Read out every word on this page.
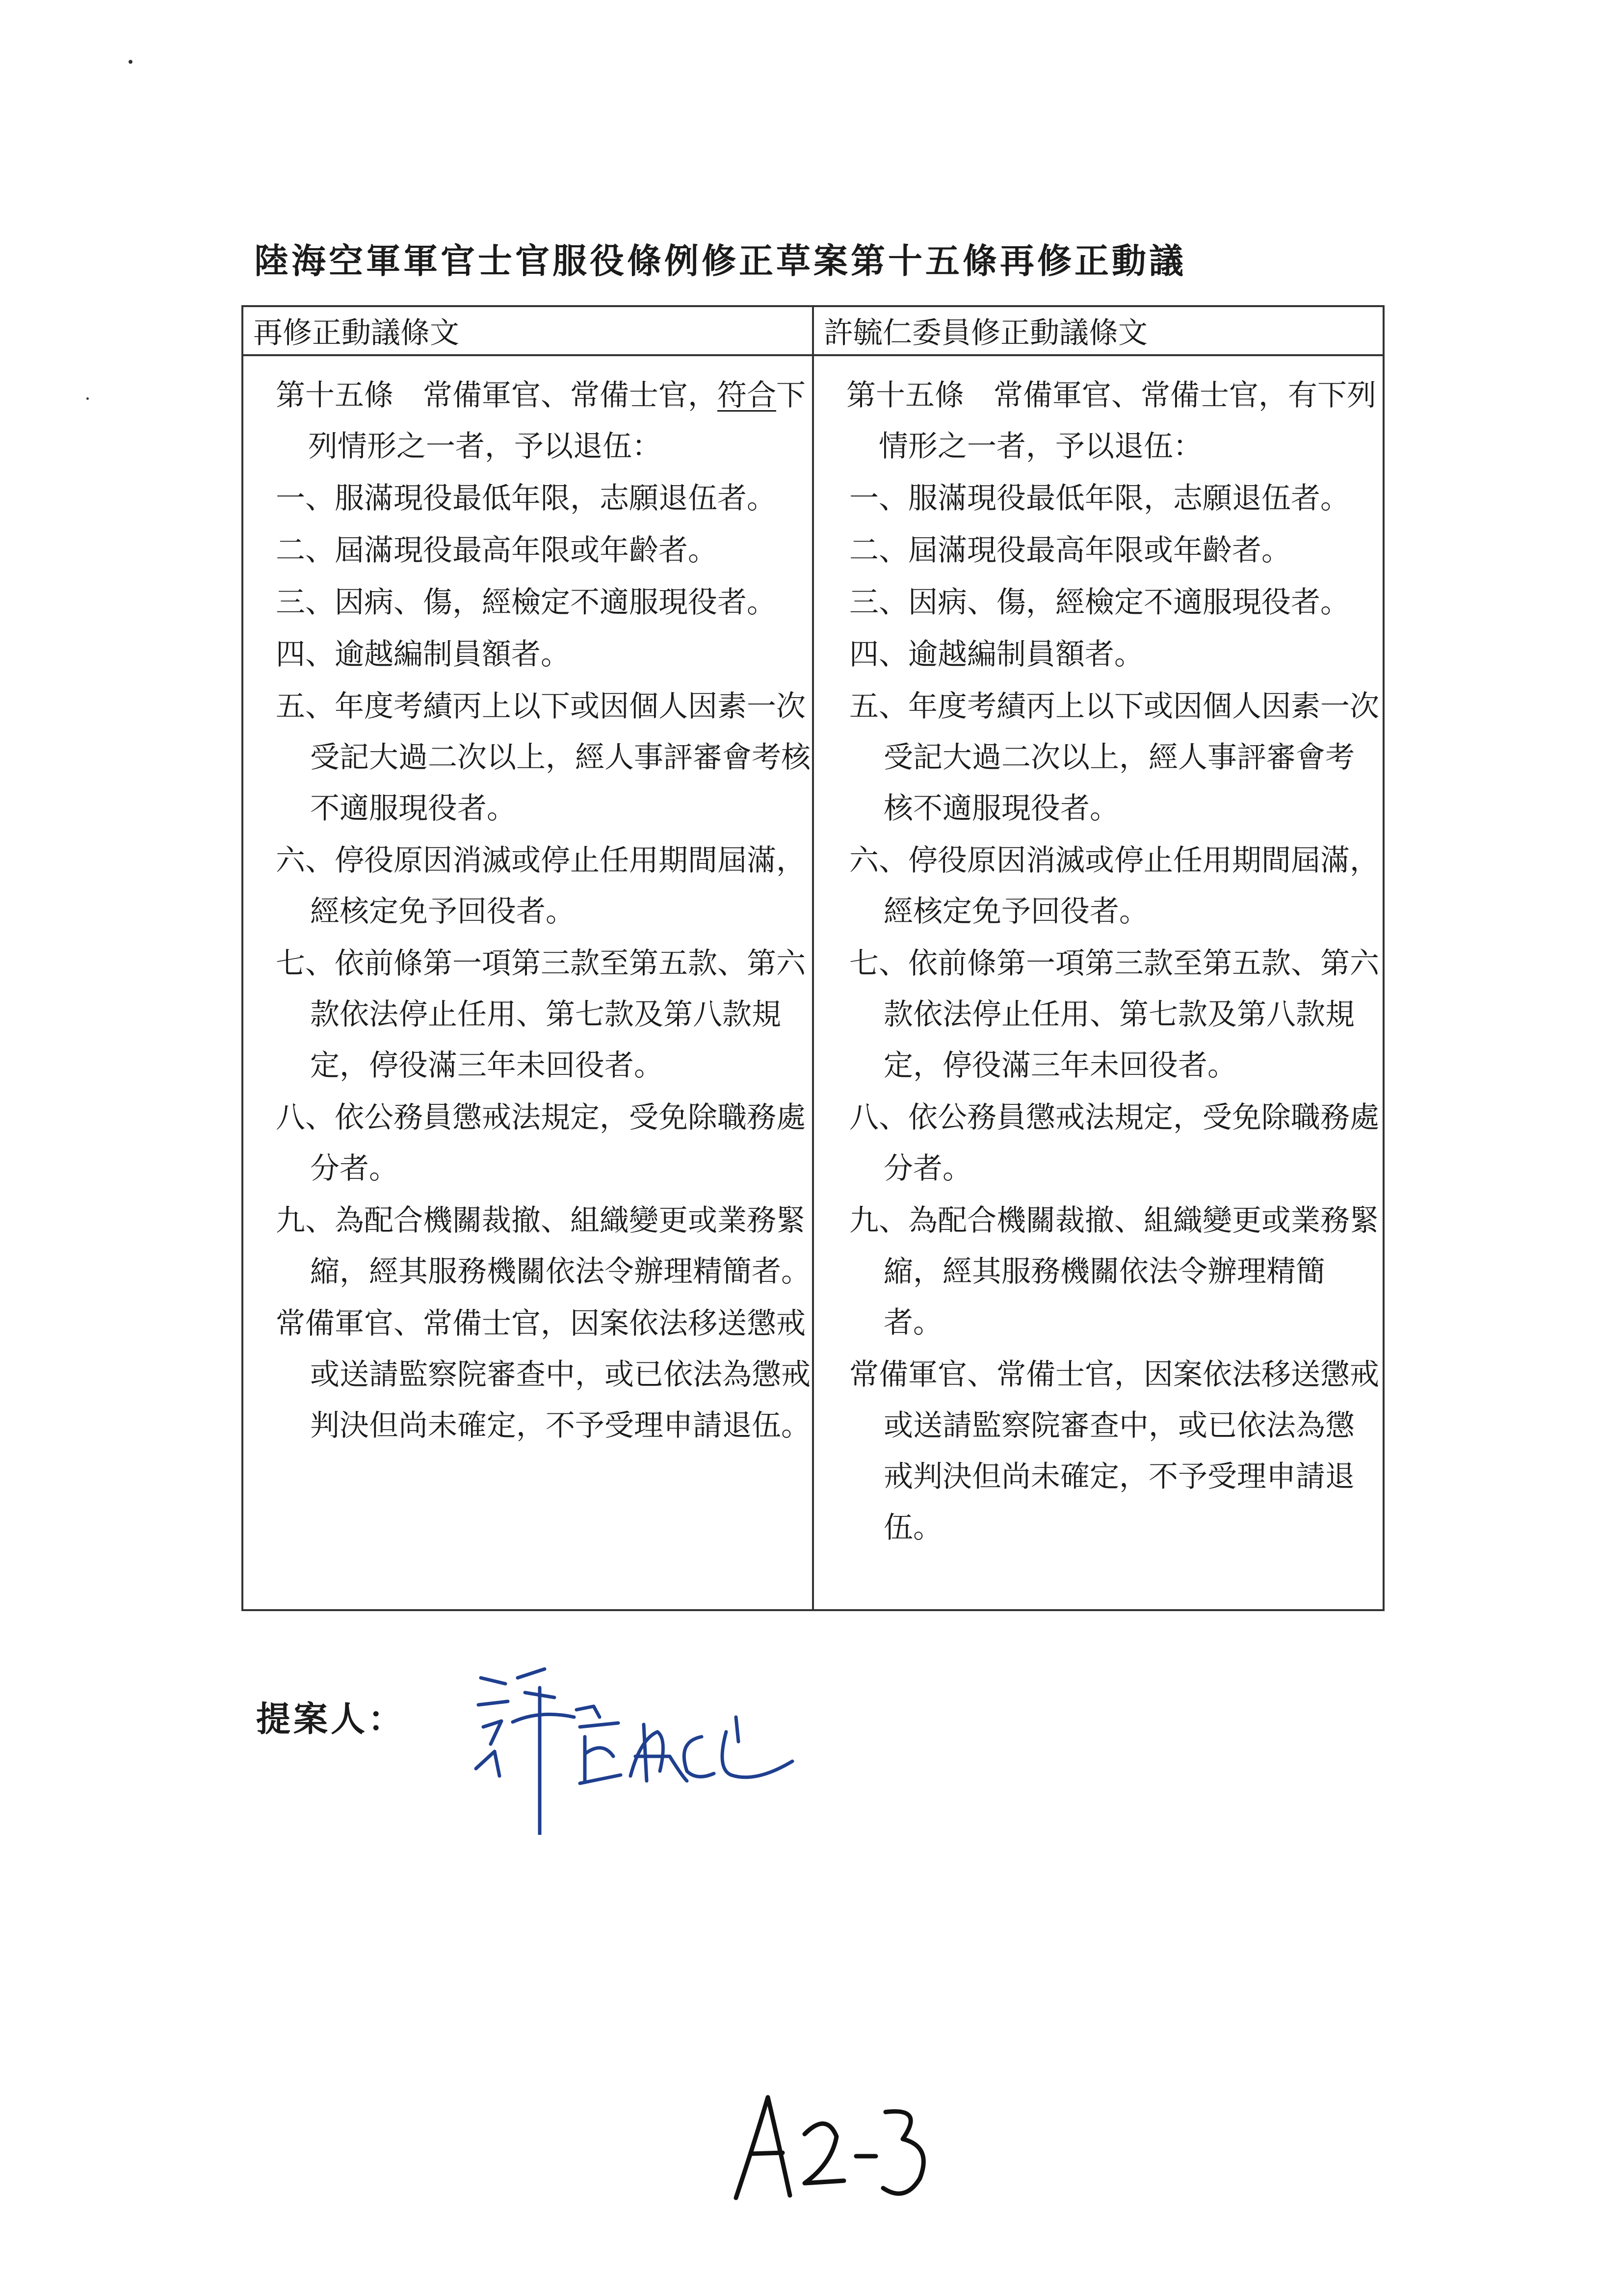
陸海空軍軍官士官服役條例修正草案第十五條再修正動議
再修正動議條文	許毓仁委員修正動議條文
第十五條　常備軍官、常備士官，符合下列情形之一者，予以退伍：
一、服滿現役最低年限，志願退伍者。
二、屆滿現役最高年限或年齡者。
三、因病、傷，經檢定不適服現役者。
四、逾越編制員額者。
五、年度考績丙上以下或因個人因素一次受記大過二次以上，經人事評審會考核不適服現役者。
六、停役原因消滅或停止任用期間屆滿，經核定免予回役者。
七、依前條第一項第三款至第五款、第六款依法停止任用、第七款及第八款規定，停役滿三年未回役者。
八、依公務員懲戒法規定，受免除職務處分者。
九、為配合機關裁撤、組織變更或業務緊縮，經其服務機關依法令辦理精簡者。
常備軍官、常備士官，因案依法移送懲戒或送請監察院審查中，或已依法為懲戒判決但尚未確定，不予受理申請退伍。
第十五條　常備軍官、常備士官，有下列情形之一者，予以退伍：
一、服滿現役最低年限，志願退伍者。
二、屆滿現役最高年限或年齡者。
三、因病、傷，經檢定不適服現役者。
四、逾越編制員額者。
五、年度考績丙上以下或因個人因素一次受記大過二次以上，經人事評審會考核不適服現役者。
六、停役原因消滅或停止任用期間屆滿，經核定免予回役者。
七、依前條第一項第三款至第五款、第六款依法停止任用、第七款及第八款規定，停役滿三年未回役者。
八、依公務員懲戒法規定，受免除職務處分者。
九、為配合機關裁撤、組織變更或業務緊縮，經其服務機關依法令辦理精簡者。
常備軍官、常備士官，因案依法移送懲戒或送請監察院審查中，或已依法為懲戒判決但尚未確定，不予受理申請退伍。
提案人：
